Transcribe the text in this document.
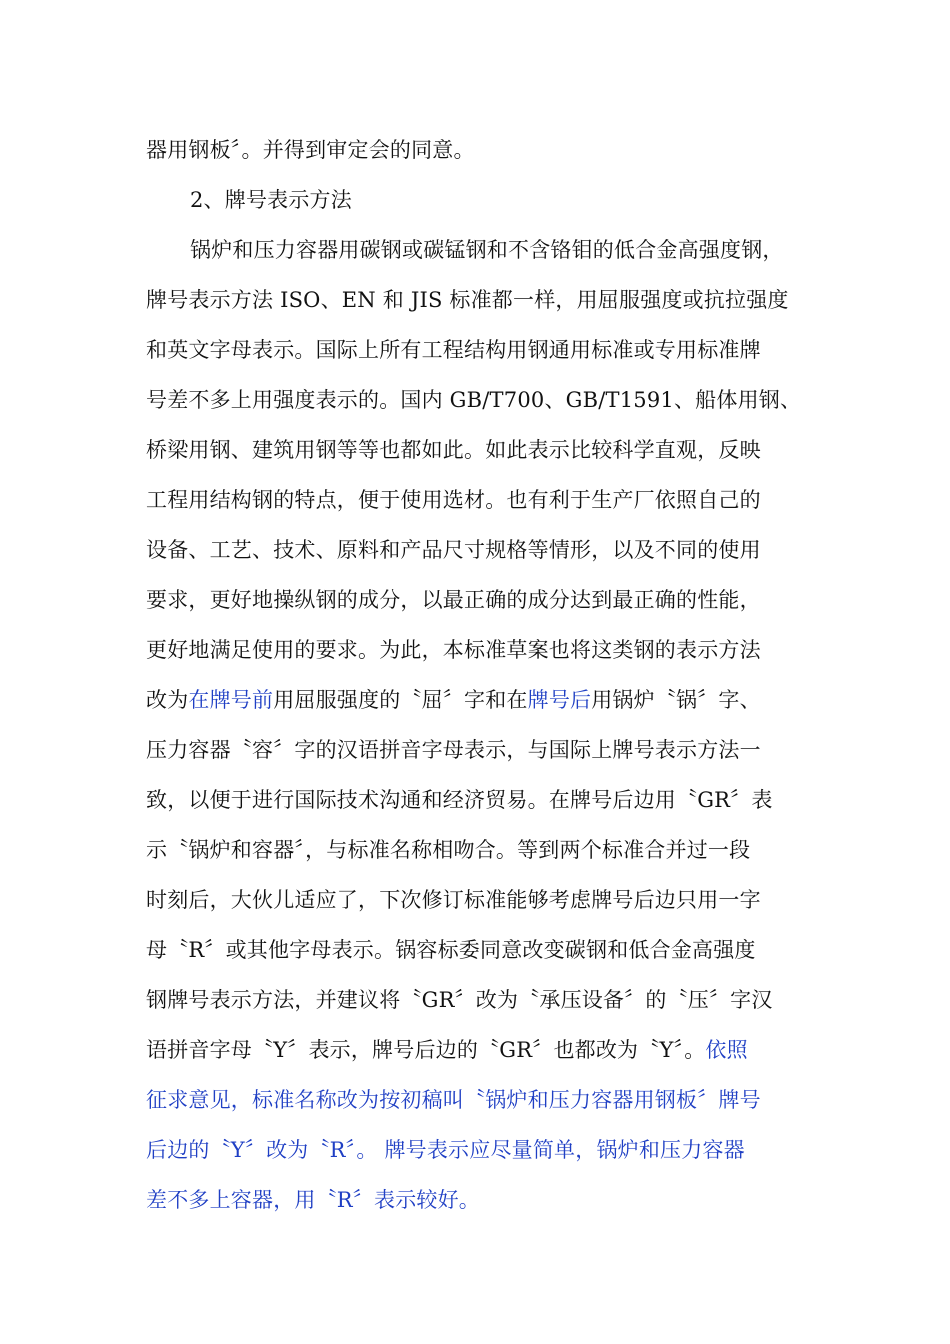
器用钢板〞。并得到审定会的同意。
2、牌号表示方法
锅炉和压力容器用碳钢或碳锰钢和不含铬钼的低合金高强度钢，
牌号表示方法 ISO、EN 和 JIS 标准都一样，用屈服强度或抗拉强度
和英文字母表示。国际上所有工程结构用钢通用标准或专用标准牌
号差不多上用强度表示的。国内 GB/T700、GB/T1591、船体用钢、
桥梁用钢、建筑用钢等等也都如此。如此表示比较科学直观，反映
工程用结构钢的特点，便于使用选材。也有利于生产厂依照自己的
设备、工艺、技术、原料和产品尺寸规格等情形，以及不同的使用
要求，更好地操纵钢的成分，以最正确的成分达到最正确的性能，
更好地满足使用的要求。为此，本标准草案也将这类钢的表示方法
改为在牌号前用屈服强度的〝屈〞字和在牌号后用锅炉〝锅〞字、
压力容器〝容〞字的汉语拼音字母表示，与国际上牌号表示方法一
致，以便于进行国际技术沟通和经济贸易。在牌号后边用〝GR〞表
示〝锅炉和容器〞，与标准名称相吻合。等到两个标准合并过一段
时刻后，大伙儿适应了，下次修订标准能够考虑牌号后边只用一字
母〝R〞或其他字母表示。锅容标委同意改变碳钢和低合金高强度
钢牌号表示方法，并建议将〝GR〞改为〝承压设备〞的〝压〞字汉
语拼音字母〝Y〞表示，牌号后边的〝GR〞也都改为〝Y〞。依照
征求意见，标准名称改为按初稿叫〝锅炉和压力容器用钢板〞牌号
后边的〝Y〞改为〝R〞。 牌号表示应尽量简单，锅炉和压力容器
差不多上容器，用〝R〞表示较好。
